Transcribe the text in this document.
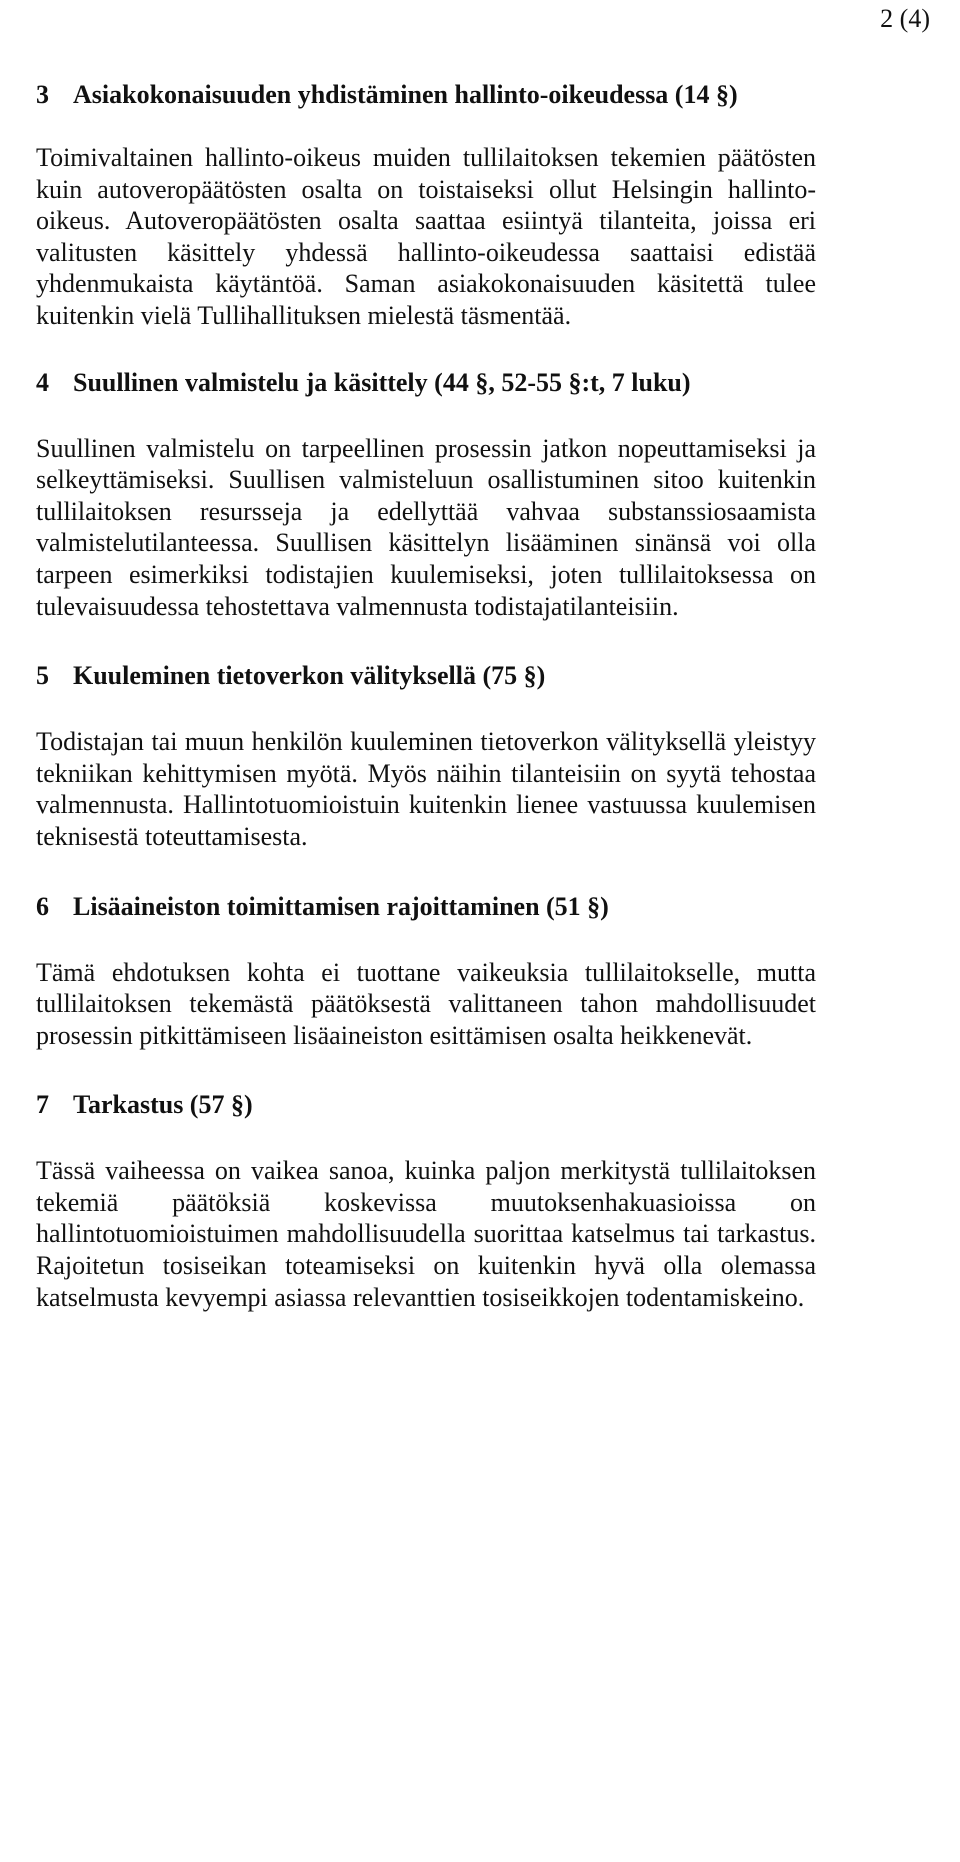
2 (4)
3 Asiakokonaisuuden yhdistäminen hallinto-oikeudessa (14 §)

Toimivaltainen hallinto-oikeus muiden tullilaitoksen tekemien päätösten kuin autoveropäätösten osalta on toistaiseksi ollut Helsingin hallinto-oikeus. Autoveropäätösten osalta saattaa esiintyä tilanteita, joissa eri valitusten käsittely yhdessä hallinto-oikeudessa saattaisi edistää yhdenmukaista käytäntöä. Saman asiakokonaisuuden käsitettä tulee kuitenkin vielä Tullihallituksen mielestä täsmentää.

4 Suullinen valmistelu ja käsittely (44 §, 52-55 §:t, 7 luku)

Suullinen valmistelu on tarpeellinen prosessin jatkon nopeuttamiseksi ja selkeyttämiseksi. Suullisen valmisteluun osallistuminen sitoo kuitenkin tullilaitoksen resursseja ja edellyttää vahvaa substanssiosaamista valmistelutilanteessa. Suullisen käsittelyn lisääminen sinänsä voi olla tarpeen esimerkiksi todistajien kuulemiseksi, joten tullilaitoksessa on tulevaisuudessa tehostettava valmennusta todistajatilanteisiin.

5 Kuuleminen tietoverkon välityksellä (75 §)

Todistajan tai muun henkilön kuuleminen tietoverkon välityksellä yleistyy tekniikan kehittymisen myötä. Myös näihin tilanteisiin on syytä tehostaa valmennusta. Hallintotuomioistuin kuitenkin lienee vastuussa kuulemisen teknisestä toteuttamisesta.

6 Lisäaineiston toimittamisen rajoittaminen (51 §)

Tämä ehdotuksen kohta ei tuottane vaikeuksia tullilaitokselle, mutta tullilaitoksen tekemästä päätöksestä valittaneen tahon mahdollisuudet prosessin pitkittämiseen lisäaineiston esittämisen osalta heikkenevät.

7 Tarkastus (57 §)

Tässä vaiheessa on vaikea sanoa, kuinka paljon merkitystä tullilaitoksen tekemiä päätöksiä koskevissa muutoksenhakuasioissa on hallintotuomioistuimen mahdollisuudella suorittaa katselmus tai tarkastus. Rajoitetun tosiseikan toteamiseksi on kuitenkin hyvä olla olemassa katselmusta kevyempi asiassa relevanttien tosiseikkojen todentamiskeino.
